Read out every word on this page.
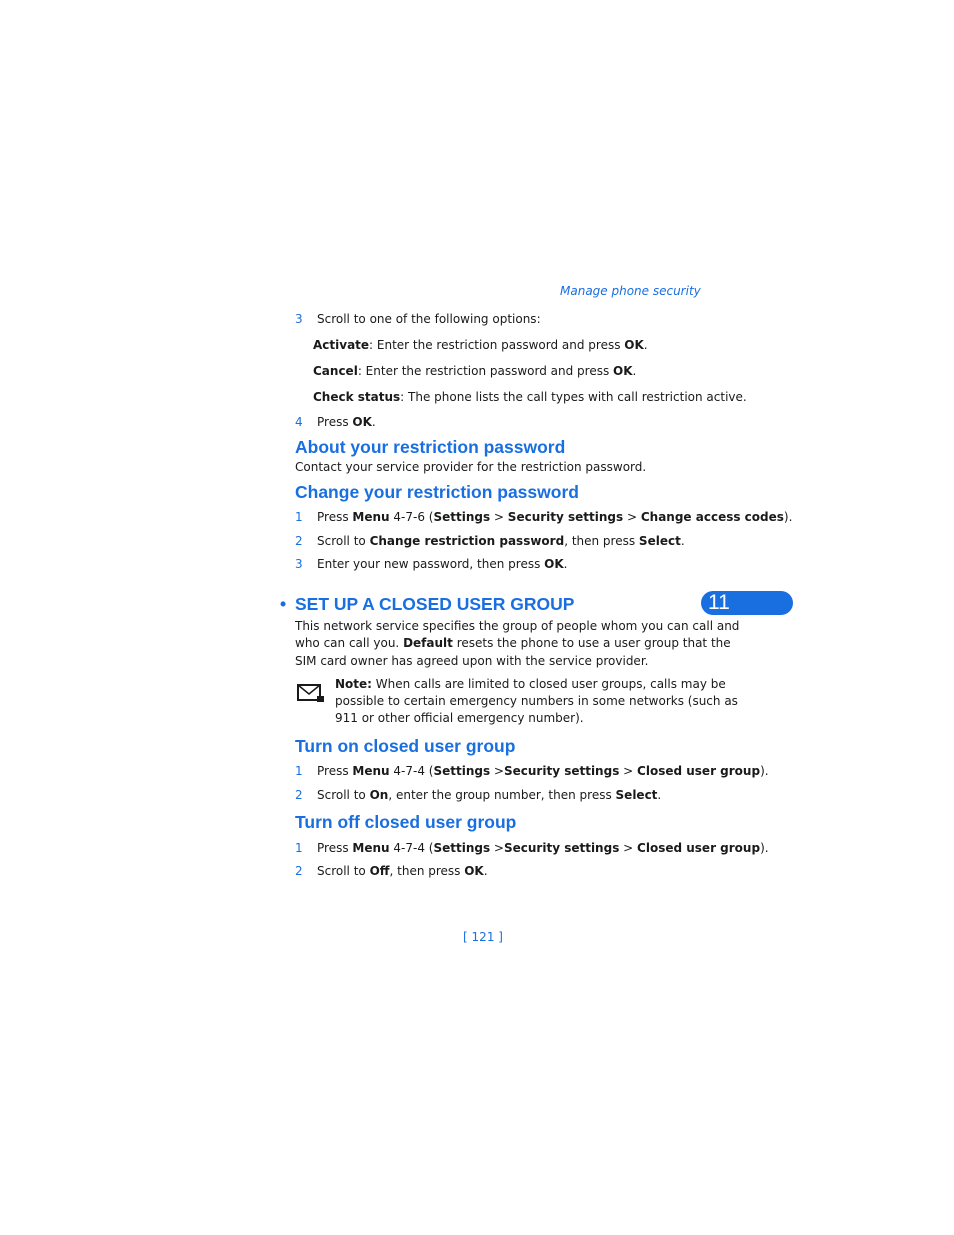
Manage phone security
3 Scroll to one of the following options:
Activate: Enter the restriction password and press OK.
Cancel: Enter the restriction password and press OK.
Check status: The phone lists the call types with call restriction active.
4 Press OK.
About your restriction password
Contact your service provider for the restriction password.
Change your restriction password
1 Press Menu 4-7-6 (Settings > Security settings > Change access codes).
2 Scroll to Change restriction password, then press Select.
3 Enter your new password, then press OK.
• SET UP A CLOSED USER GROUP	11
This network service specifies the group of people whom you can call and
who can call you. Default resets the phone to use a user group that the
SIM card owner has agreed upon with the service provider.
Note: When calls are limited to closed user groups, calls may be
possible to certain emergency numbers in some networks (such as
911 or other official emergency number).
Turn on closed user group
1 Press Menu 4-7-4 (Settings >Security settings > Closed user group).
2 Scroll to On, enter the group number, then press Select.
Turn off closed user group
1 Press Menu 4-7-4 (Settings >Security settings > Closed user group).
2 Scroll to Off, then press OK.
[ 121 ]
